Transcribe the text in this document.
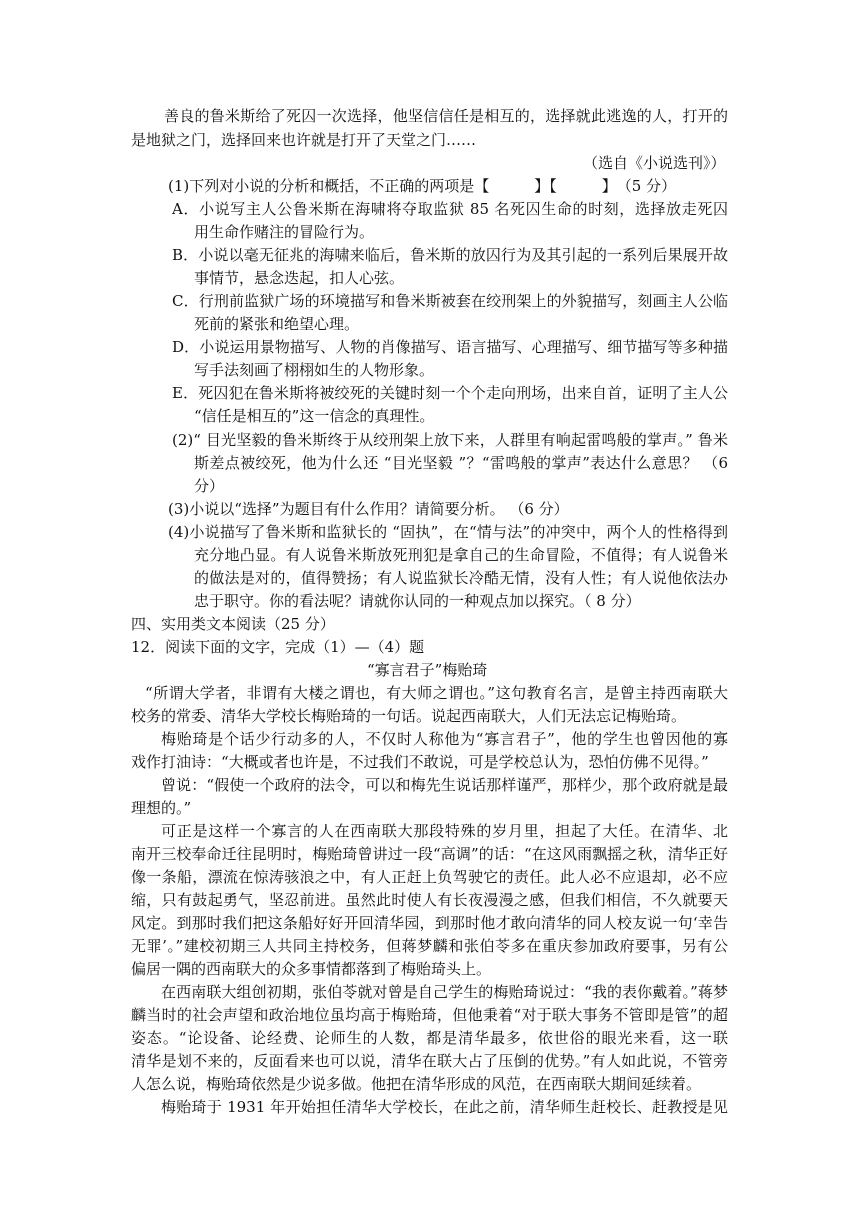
善良的鲁米斯给了死囚一次选择，他坚信信任是相互的，选择就此逃逸的人，打开的
是地狱之门，选择回来也许就是打开了天堂之门……
（选自《小说选刊》）
(1)下列对小说的分析和概括，不正确的两项是【　　　】【　　　】　（5 分）
A．小说写主人公鲁米斯在海啸将夺取监狱 85 名死囚生命的时刻，选择放走死囚
用生命作赌注的冒险行为。
B．小说以毫无征兆的海啸来临后，鲁米斯的放囚行为及其引起的一系列后果展开故
事情节，悬念迭起，扣人心弦。
C．行刑前监狱广场的环境描写和鲁米斯被套在绞刑架上的外貌描写，刻画主人公临
死前的紧张和绝望心理。
D．小说运用景物描写、人物的肖像描写、语言描写、心理描写、细节描写等多种描
写手法刻画了栩栩如生的人物形象。
E．死囚犯在鲁米斯将被绞死的关键时刻一个个走向刑场，出来自首，证明了主人公
“信任是相互的”这一信念的真理性。
(2)“ 目光坚毅的鲁米斯终于从绞刑架上放下来，人群里有响起雷鸣般的掌声。” 鲁米
斯差点被绞死，他为什么还 “目光坚毅 ”？“雷鸣般的掌声”表达什么意思？ （6
分）
(3)小说以“选择”为题目有什么作用？请简要分析。 （6 分）
(4)小说描写了鲁米斯和监狱长的 “固执”，在“情与法”的冲突中，两个人的性格得到
充分地凸显。有人说鲁米斯放死刑犯是拿自己的生命冒险，不值得；有人说鲁米
的做法是对的，值得赞扬；有人说监狱长冷酷无情，没有人性；有人说他依法办
忠于职守。你的看法呢？请就你认同的一种观点加以探究。（ 8 分）
四、实用类文本阅读（25 分）
12．阅读下面的文字，完成（1）—（4）题
“寡言君子”梅贻琦
“所谓大学者，非谓有大楼之谓也，有大师之谓也。”这句教育名言，是曾主持西南联大
校务的常委、清华大学校长梅贻琦的一句话。说起西南联大，人们无法忘记梅贻琦。
梅贻琦是个话少行动多的人，不仅时人称他为“寡言君子”，他的学生也曾因他的寡
戏作打油诗：“大概或者也许是，不过我们不敢说，可是学校总认为，恐怕仿佛不见得。”
曾说：“假使一个政府的法令，可以和梅先生说话那样谨严，那样少，那个政府就是最
理想的。”
可正是这样一个寡言的人在西南联大那段特殊的岁月里，担起了大任。在清华、北
南开三校奉命迁往昆明时，梅贻琦曾讲过一段“高调”的话：“在这风雨飘摇之秋，清华正好
像一条船，漂流在惊涛骇浪之中，有人正赶上负驾驶它的责任。此人必不应退却，必不应
缩，只有鼓起勇气，坚忍前进。虽然此时使人有长夜漫漫之感，但我们相信，不久就要天
风定。到那时我们把这条船好好开回清华园，到那时他才敢向清华的同人校友说一句‘幸告
无罪’。”建校初期三人共同主持校务，但蒋梦麟和张伯苓多在重庆参加政府要事，另有公
偏居一隅的西南联大的众多事情都落到了梅贻琦头上。
在西南联大组创初期，张伯苓就对曾是自己学生的梅贻琦说过：“我的表你戴着。”蒋梦
麟当时的社会声望和政治地位虽均高于梅贻琦，但他秉着“对于联大事务不管即是管”的超
姿态。“论设备、论经费、论师生的人数，都是清华最多，依世俗的眼光来看，这一联
清华是划不来的，反面看来也可以说，清华在联大占了压倒的优势。”有人如此说，不管旁
人怎么说，梅贻琦依然是少说多做。他把在清华形成的风范，在西南联大期间延续着。
梅贻琦于 1931 年开始担任清华大学校长，在此之前，清华师生赶校长、赶教授是见
